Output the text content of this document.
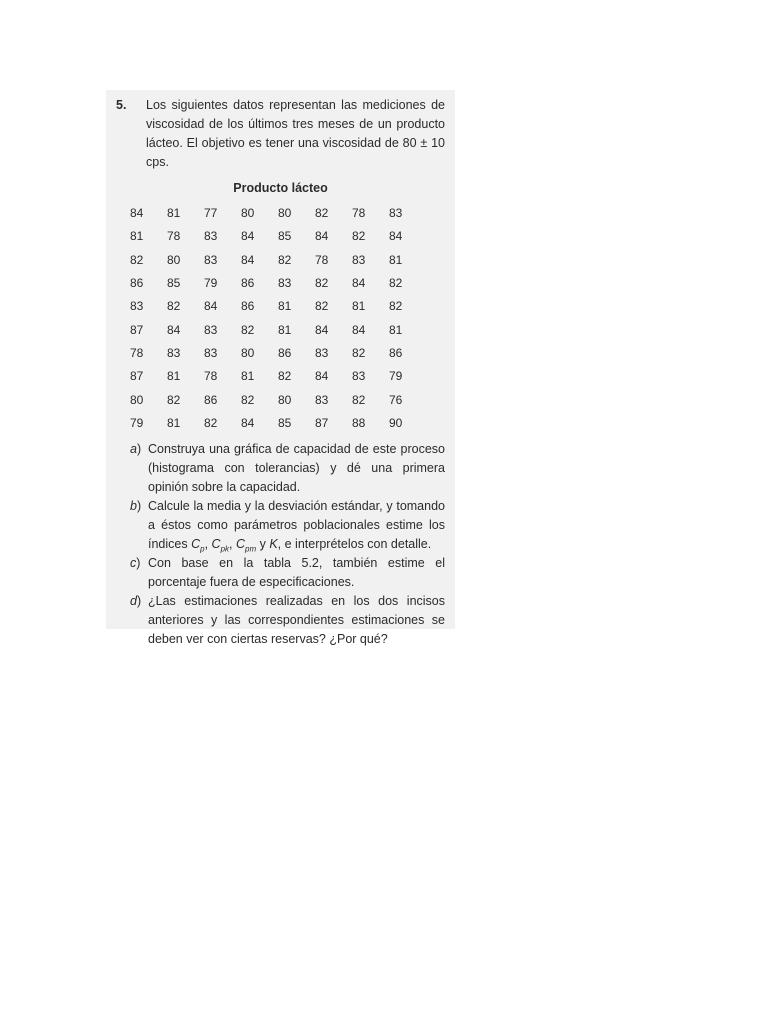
5. Los siguientes datos representan las mediciones de viscosidad de los últimos tres meses de un producto lácteo. El objetivo es tener una viscosidad de 80 ± 10 cps.
Producto lácteo
84	81	77	80	80	82	78	83
81	78	83	84	85	84	82	84
82	80	83	84	82	78	83	81
86	85	79	86	83	82	84	82
83	82	84	86	81	82	81	82
87	84	83	82	81	84	84	81
78	83	83	80	86	83	82	86
87	81	78	81	82	84	83	79
80	82	86	82	80	83	82	76
79	81	82	84	85	87	88	90
a) Construya una gráfica de capacidad de este proceso (histograma con tolerancias) y dé una primera opinión sobre la capacidad.
b) Calcule la media y la desviación estándar, y tomando a éstos como parámetros poblacionales estime los índices $C_p$, $C_{pk}$, $C_{pm}$ y K, e interprételos con detalle.
c) Con base en la tabla 5.2, también estime el porcentaje fuera de especificaciones.
d) ¿Las estimaciones realizadas en los dos incisos anteriores y las correspondientes estimaciones se deben ver con ciertas reservas? ¿Por qué?
